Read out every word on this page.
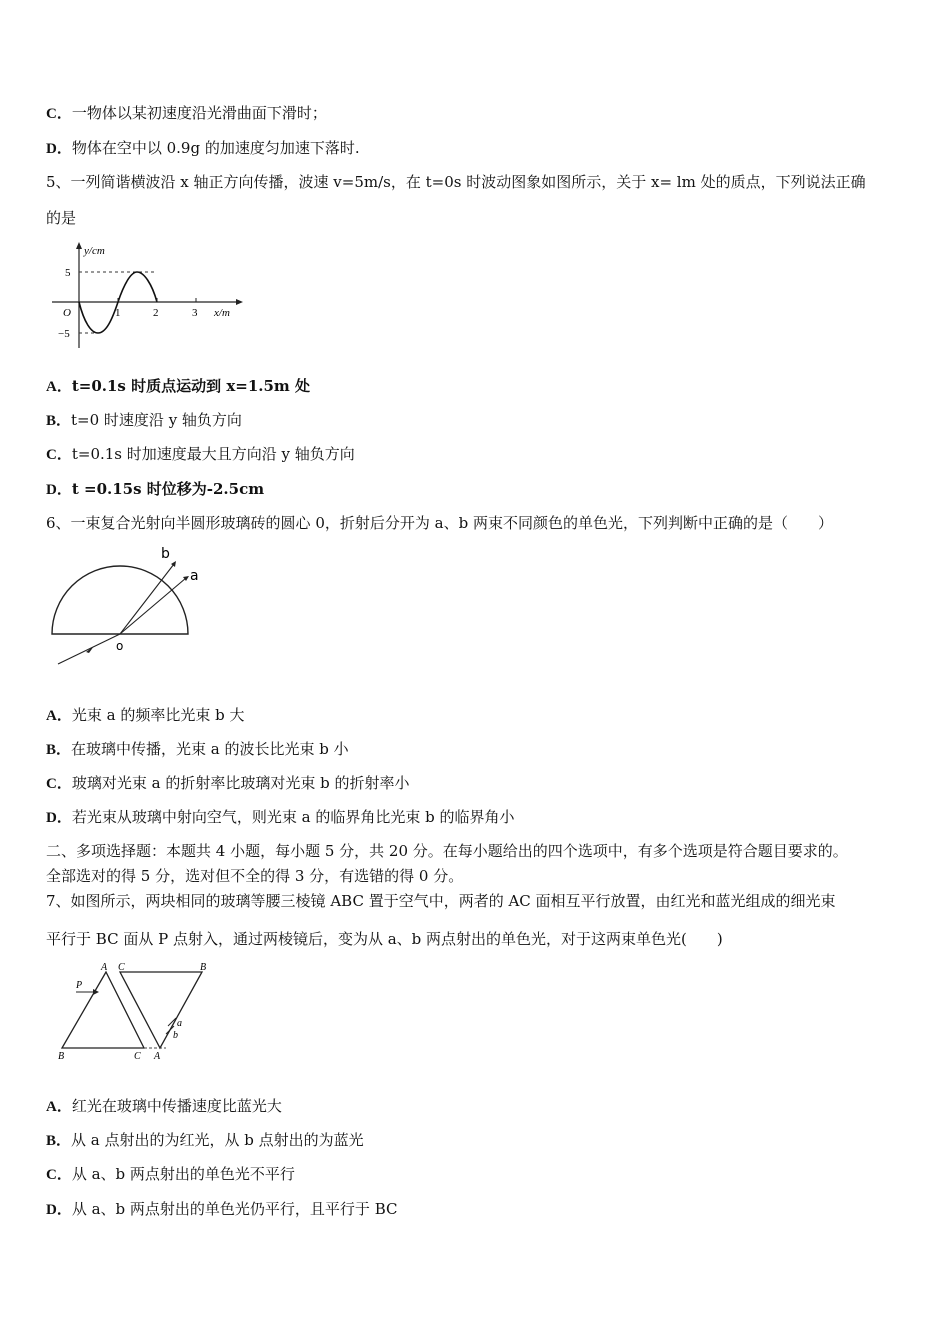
C．一物体以某初速度沿光滑曲面下滑时；
D．物体在空中以 0.9g 的加速度匀加速下落时.
5、一列简谐横波沿 x 轴正方向传播，波速 v=5m/s，在 t=0s 时波动图象如图所示，关于 x= lm 处的质点，下列说法正确
的是
y/cm
x/m
O
5
−5
1	2	3
A．t=0.1s 时质点运动到 x=1.5m 处
B．t=0 时速度沿 y 轴负方向
C．t=0.1s 时加速度最大且方向沿 y 轴负方向
D．t =0.15s 时位移为-2.5cm
6、一束复合光射向半圆形玻璃砖的圆心 0，折射后分开为 a、b 两束不同颜色的单色光，下列判断中正确的是（　　）
b
a
o
A．光束 a 的频率比光束 b 大
B．在玻璃中传播，光束 a 的波长比光束 b 小
C．玻璃对光束 a 的折射率比玻璃对光束 b 的折射率小
D．若光束从玻璃中射向空气，则光束 a 的临界角比光束 b 的临界角小
二、多项选择题：本题共 4 小题，每小题 5 分，共 20 分。在每小题给出的四个选项中，有多个选项是符合题目要求的。
全部选对的得 5 分，选对但不全的得 3 分，有选错的得 0 分。
7、如图所示，两块相同的玻璃等腰三棱镜 ABC 置于空气中，两者的 AC 面相互平行放置，由红光和蓝光组成的细光束
平行于 BC 面从 P 点射入，通过两棱镜后，变为从 a、b 两点射出的单色光，对于这两束单色光(　　)
A
B	C
C	B
A
P
a
b
A．红光在玻璃中传播速度比蓝光大
B．从 a 点射出的为红光，从 b 点射出的为蓝光
C．从 a、b 两点射出的单色光不平行
D．从 a、b 两点射出的单色光仍平行，且平行于 BC
